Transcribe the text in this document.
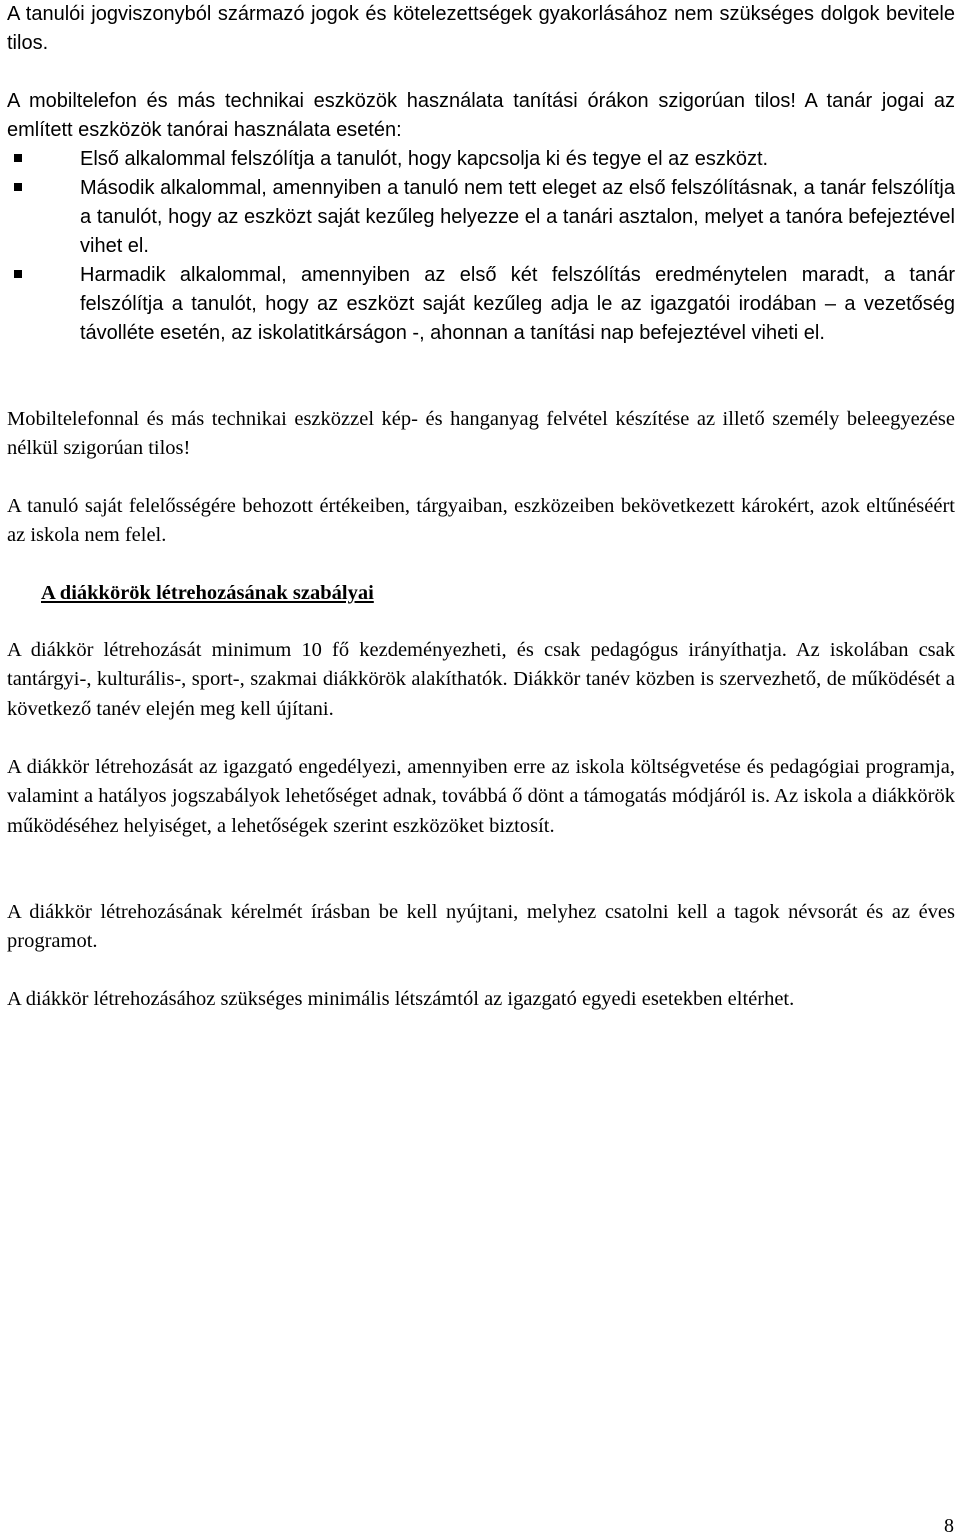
A tanulói jogviszonyból származó jogok és kötelezettségek gyakorlásához nem szükséges dolgok bevitele tilos.

A mobiltelefon és más technikai eszközök használata tanítási órákon szigorúan tilos! A tanár jogai az említett eszközök tanórai használata esetén:

Első alkalommal felszólítja a tanulót, hogy kapcsolja ki és tegye el az eszközt.
Második alkalommal, amennyiben a tanuló nem tett eleget az első felszólításnak, a tanár felszólítja a tanulót, hogy az eszközt saját kezűleg helyezze el a tanári asztalon, melyet a tanóra befejeztével vihet el.
Harmadik alkalommal, amennyiben az első két felszólítás eredménytelen maradt, a tanár felszólítja a tanulót, hogy az eszközt saját kezűleg adja le az igazgatói irodában – a vezetőség távolléte esetén, az iskolatitkárságon -, ahonnan a tanítási nap befejeztével viheti el.

Mobiltelefonnal és más technikai eszközzel kép- és hanganyag felvétel készítése az illető személy beleegyezése nélkül szigorúan tilos!

A tanuló saját felelősségére behozott értékeiben, tárgyaiban, eszközeiben bekövetkezett károkért, azok eltűnéséért az iskola nem felel.

A diákkörök létrehozásának szabályai

A diákkör létrehozását minimum 10 fő kezdeményezheti, és csak pedagógus irányíthatja. Az iskolában csak tantárgyi-, kulturális-, sport-, szakmai diákkörök alakíthatók. Diákkör tanév közben is szervezhető, de működését a következő tanév elején meg kell újítani.

A diákkör létrehozását az igazgató engedélyezi, amennyiben erre az iskola költségvetése és pedagógiai programja, valamint a hatályos jogszabályok lehetőséget adnak, továbbá ő dönt a támogatás módjáról is. Az iskola a diákkörök működéséhez helyiséget, a lehetőségek szerint eszközöket biztosít.

A diákkör létrehozásának kérelmét írásban be kell nyújtani, melyhez csatolni kell a tagok névsorát és az éves programot.

A diákkör létrehozásához szükséges minimális létszámtól az igazgató egyedi esetekben eltérhet.

8
